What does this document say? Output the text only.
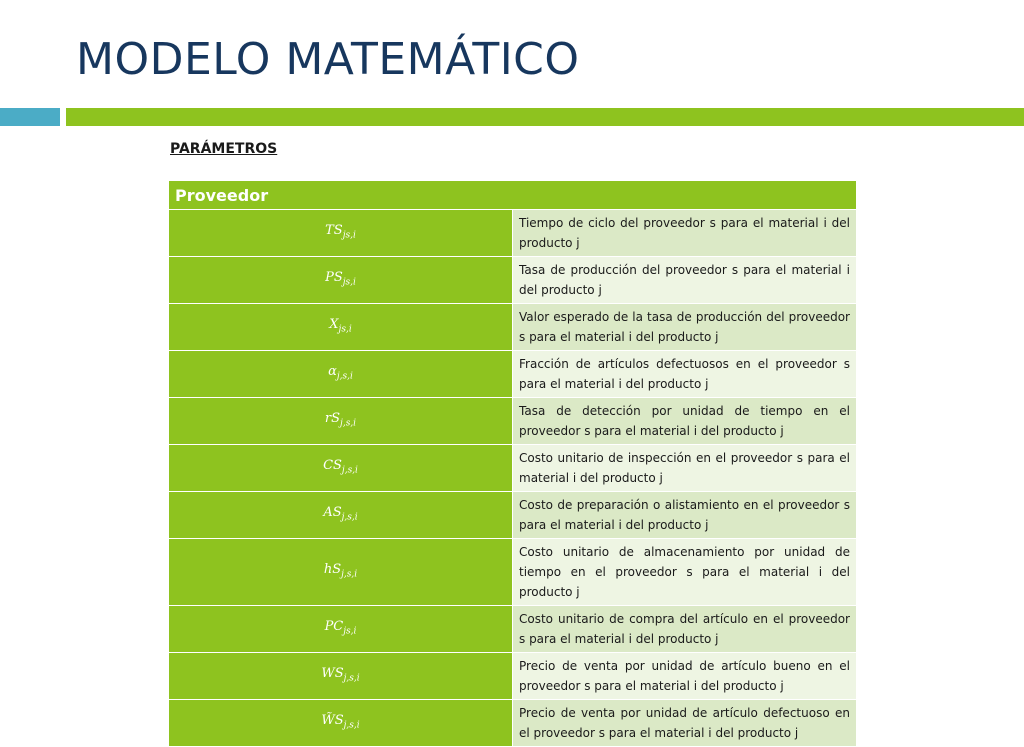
MODELO MATEMÁTICO
PARÁMETROS
Proveedor	
$TS_{js,i}$	Tiempo de ciclo del proveedor s para el material i del producto j
$PS_{js,i}$	Tasa de producción del proveedor s para el material i del producto j
$X_{js,i}$	Valor esperado de la tasa de producción del proveedor s para el material i del producto j
$\alpha_{j,s,i}$	Fracción de artículos defectuosos en el proveedor s para el material i del producto j
$rS_{j,s,i}$	Tasa de detección por unidad de tiempo en el proveedor s para el material i del producto j
$CS_{j,s,i}$	Costo unitario de inspección en el proveedor s para el material i del producto j
$AS_{j,s,i}$	Costo de preparación o alistamiento en el proveedor s para el material i del producto j
$hS_{j,s,i}$	Costo unitario de almacenamiento por unidad de tiempo en el proveedor s para el material i del producto j
$PC_{js,i}$	Costo unitario de compra del artículo en el proveedor s para el material i del producto j
$WS_{j,s,i}$	Precio de venta por unidad de artículo bueno en el proveedor s para el material i del producto j
$W̃S_{j,s,i}$	Precio de venta por unidad de artículo defectuoso en el proveedor s para el material i del producto j
